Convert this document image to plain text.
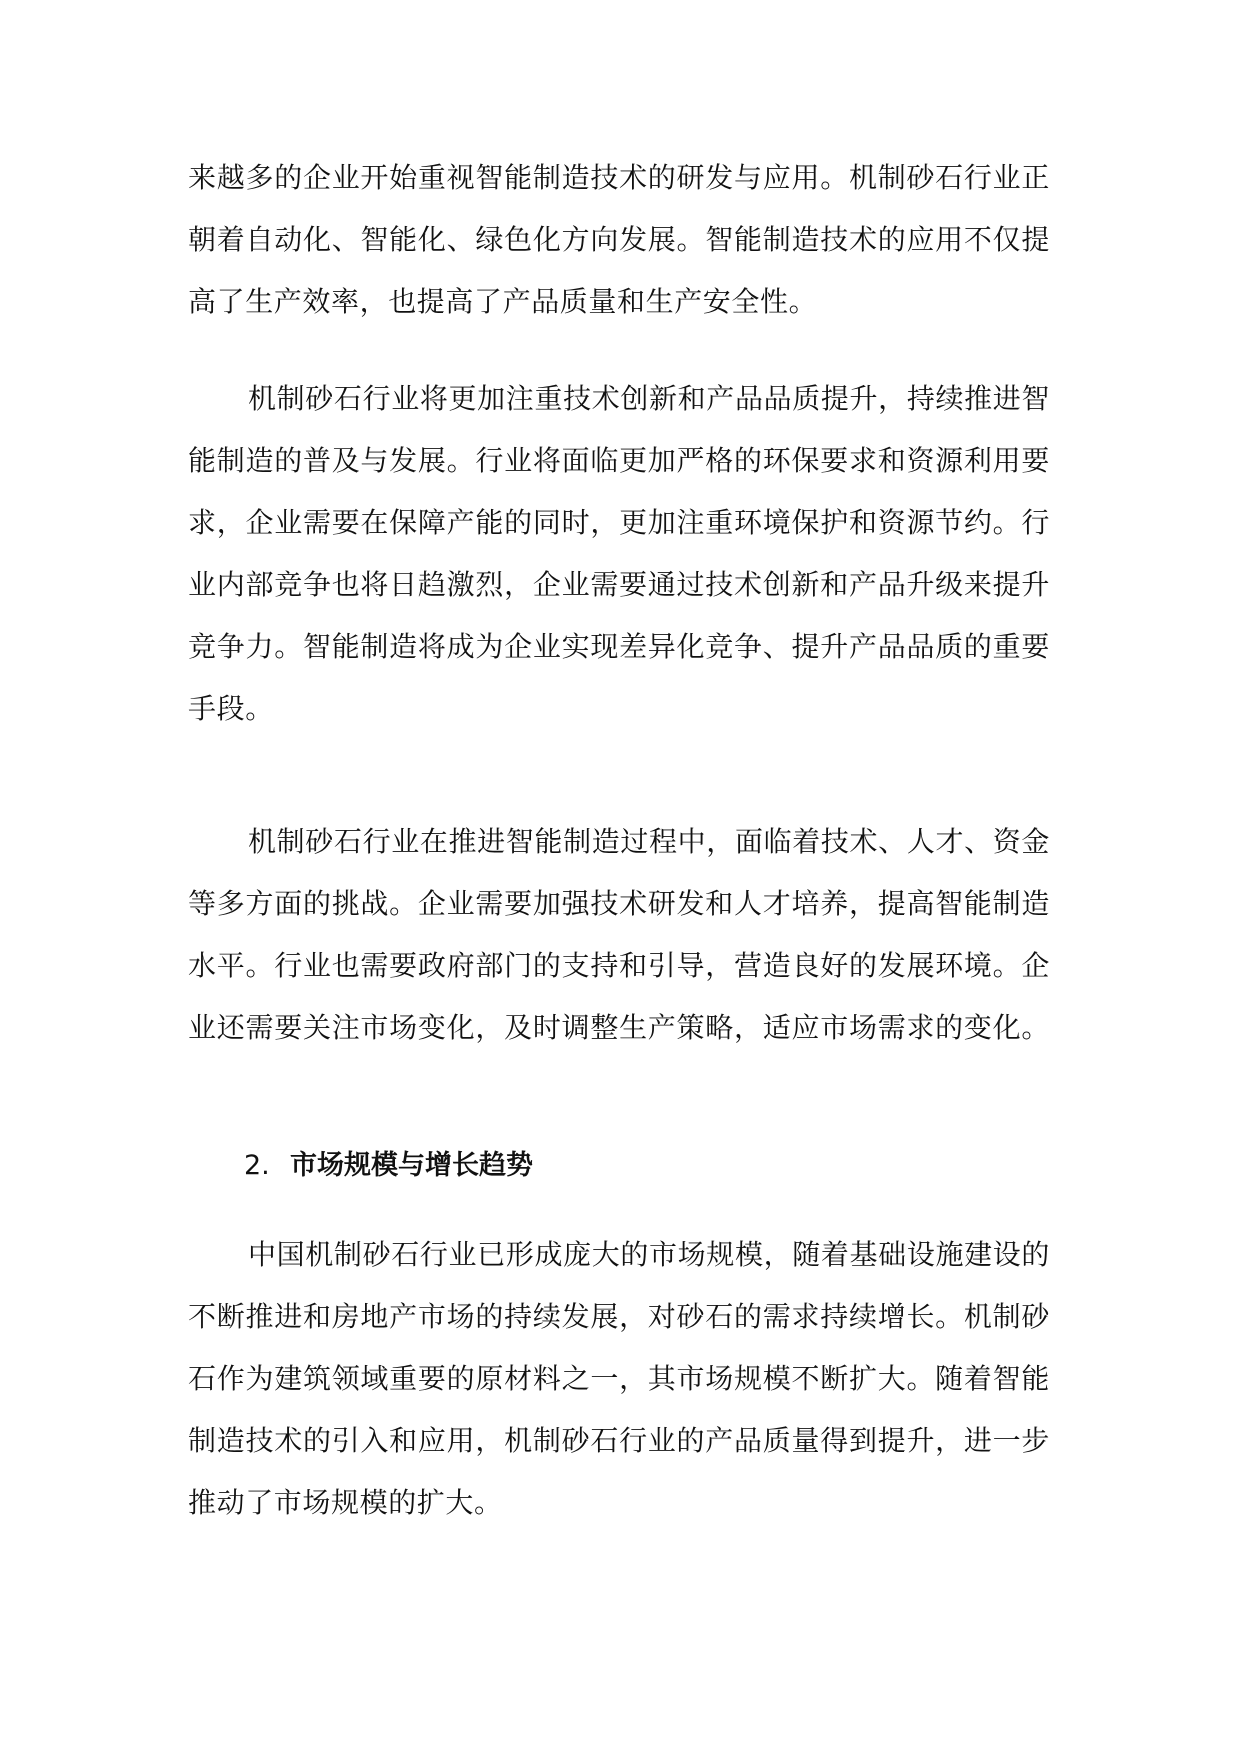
来越多的企业开始重视智能制造技术的研发与应用。机制砂石行业正
朝着自动化、智能化、绿色化方向发展。智能制造技术的应用不仅提
高了生产效率，也提高了产品质量和生产安全性。
机制砂石行业将更加注重技术创新和产品品质提升，持续推进智
能制造的普及与发展。行业将面临更加严格的环保要求和资源利用要
求，企业需要在保障产能的同时，更加注重环境保护和资源节约。行
业内部竞争也将日趋激烈，企业需要通过技术创新和产品升级来提升
竞争力。智能制造将成为企业实现差异化竞争、提升产品品质的重要
手段。
机制砂石行业在推进智能制造过程中，面临着技术、人才、资金
等多方面的挑战。企业需要加强技术研发和人才培养，提高智能制造
水平。行业也需要政府部门的支持和引导，营造良好的发展环境。企
业还需要关注市场变化，及时调整生产策略，适应市场需求的变化。
2. 市场规模与增长趋势
中国机制砂石行业已形成庞大的市场规模，随着基础设施建设的
不断推进和房地产市场的持续发展，对砂石的需求持续增长。机制砂
石作为建筑领域重要的原材料之一，其市场规模不断扩大。随着智能
制造技术的引入和应用，机制砂石行业的产品质量得到提升，进一步
推动了市场规模的扩大。
